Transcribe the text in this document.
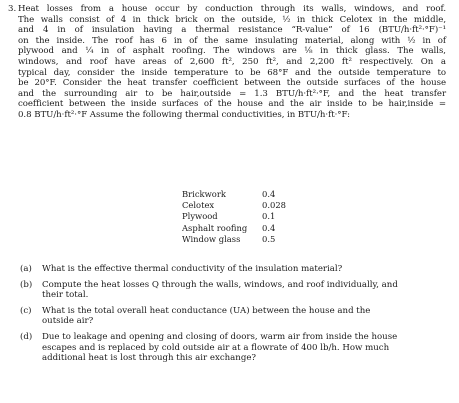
3. Heat losses from a house occur by conduction through its walls, windows, and roof.
The walls consist of 4 in thick brick on the outside, ½ in thick Celotex in the middle,
and 4 in of insulation having a thermal resistance “R-value” of 16 (BTU/h·ft²·°F)⁻¹
on the inside. The roof has 6 in of the same insulating material, along with ½ in of
plywood and ¼ in of asphalt roofing. The windows are ⅛ in thick glass. The walls,
windows, and roof have areas of 2,600 ft², 250 ft², and 2,200 ft² respectively. On a
typical day, consider the inside temperature to be 68°F and the outside temperature to
be 20°F. Consider the heat transfer coefficient between the outside surfaces of the house
and the surrounding air to be hair,outside = 1.3 BTU/h·ft²·°F, and the heat transfer
coefficient between the inside surfaces of the house and the air inside to be hair,inside =
0.8 BTU/h·ft²·°F Assume the following thermal conductivities, in BTU/h·ft·°F:
Brickwork	0.4
Celotex	0.028
Plywood	0.1
Asphalt roofing	0.4
Window glass	0.5
(a) What is the effective thermal conductivity of the insulation material?
(b) Compute the heat losses Q through the walls, windows, and roof individually, and
their total.
(c) What is the total overall heat conductance (UA) between the house and the
outside air?
(d) Due to leakage and opening and closing of doors, warm air from inside the house
escapes and is replaced by cold outside air at a flowrate of 400 lb/h. How much
additional heat is lost through this air exchange?
